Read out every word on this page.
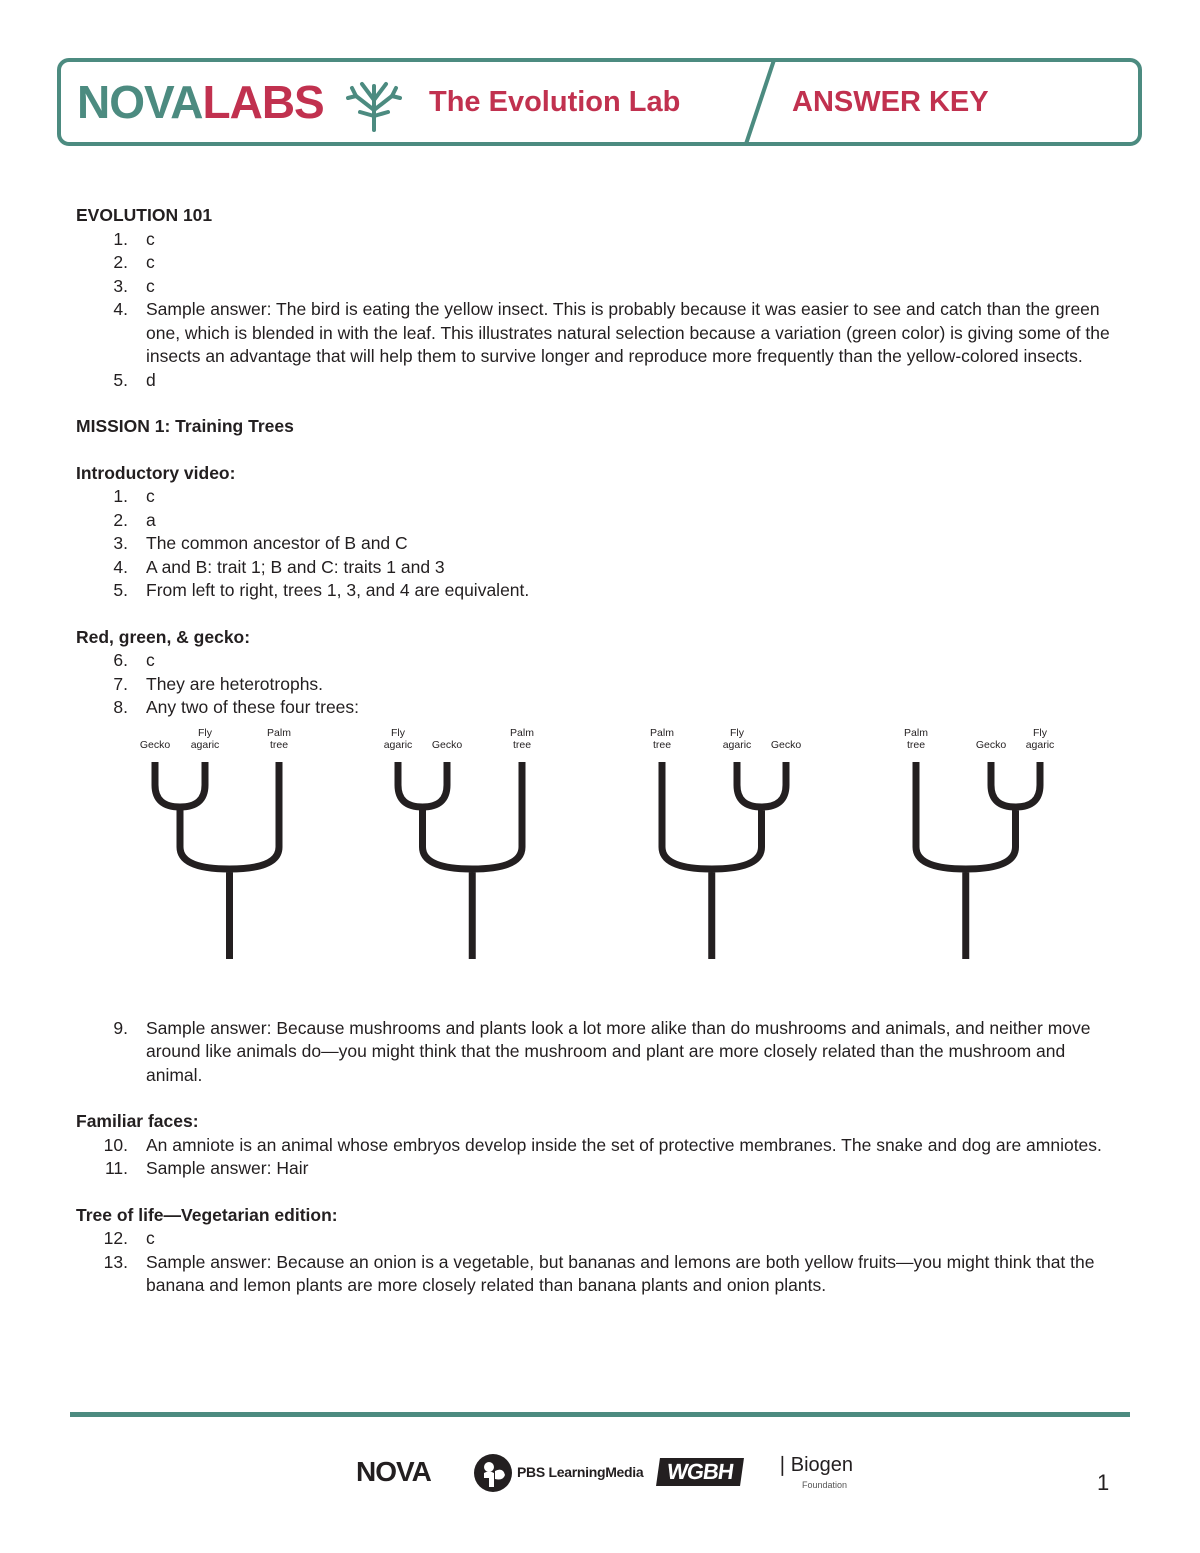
NOVALABS	The Evolution Lab	ANSWER KEY
EVOLUTION 101
1. c
2. c
3. c
4. Sample answer: The bird is eating the yellow insect. This is probably because it was easier to see and catch than the green one, which is blended in with the leaf. This illustrates natural selection because a variation (green color) is giving some of the insects an advantage that will help them to survive longer and reproduce more frequently than the yellow-colored insects.
5. d
MISSION 1: Training Trees
Introductory video:
1. c
2. a
3. The common ancestor of B and C
4. A and B: trait 1; B and C: traits 1 and 3
5. From left to right, trees 1, 3, and 4 are equivalent.
Red, green, & gecko:
6. c
7. They are heterotrophs.
8. Any two of these four trees:
Gecko
Fly
agaric
Palm
tree
Fly
agaric	Gecko
Palm
tree
Palm
tree
Fly
agaric	Gecko
Palm
tree	Gecko
Fly
agaric
9. Sample answer: Because mushrooms and plants look a lot more alike than do mushrooms and animals, and neither move around like animals do—you might think that the mushroom and plant are more closely related than the mushroom and animal.
Familiar faces:
10. An amniote is an animal whose embryos develop inside the set of protective membranes. The snake and dog are amniotes.
11. Sample answer: Hair
Tree of life—Vegetarian edition:
12. c
13. Sample answer: Because an onion is a vegetable, but bananas and lemons are both yellow fruits—you might think that the banana and lemon plants are more closely related than banana plants and onion plants.
NOVA	PBS LearningMedia	WGBH	❘Biogen
Foundation	1
